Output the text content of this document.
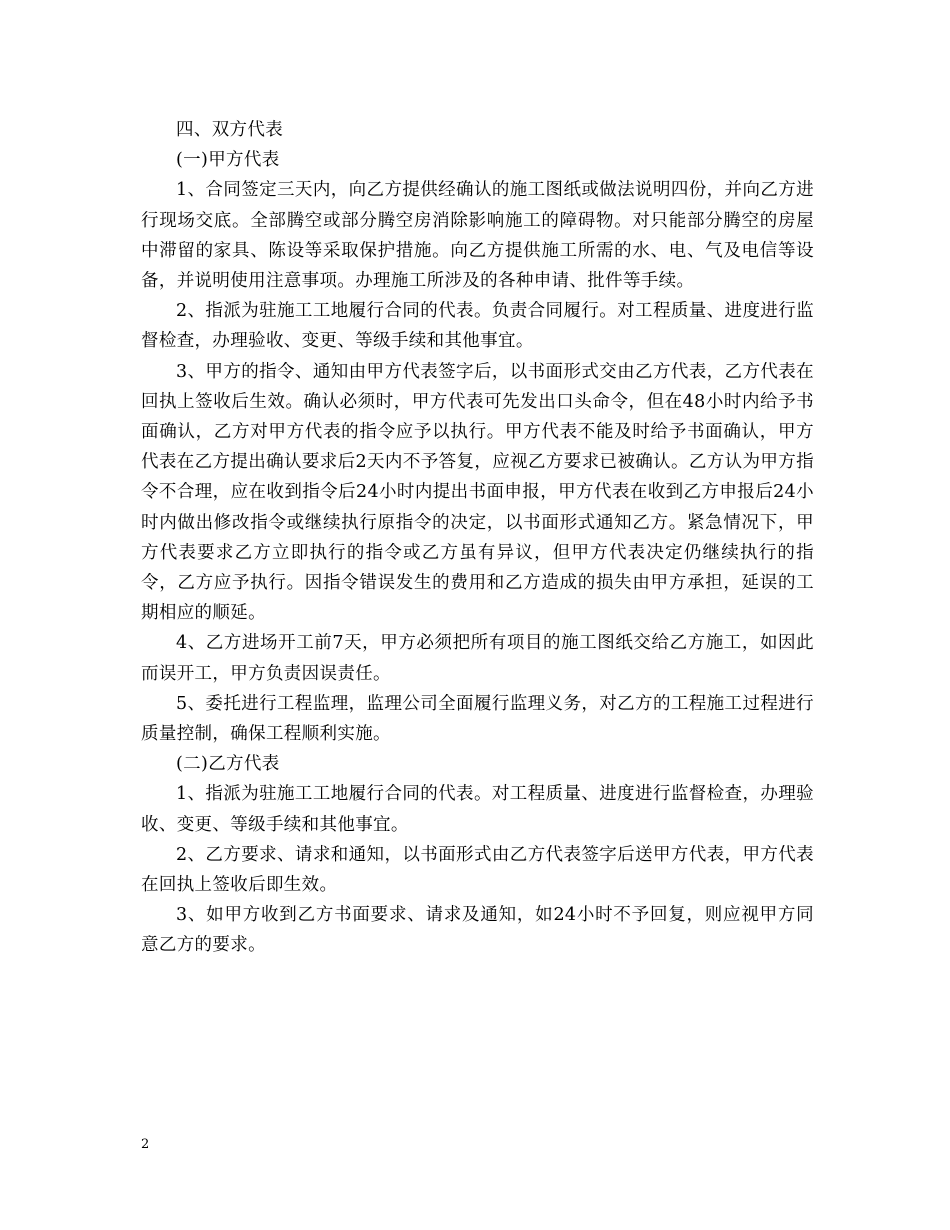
四、双方代表

(一)甲方代表

1、合同签定三天内，向乙方提供经确认的施工图纸或做法说明四份，并向乙方进行现场交底。全部腾空或部分腾空房消除影响施工的障碍物。对只能部分腾空的房屋中滞留的家具、陈设等采取保护措施。向乙方提供施工所需的水、电、气及电信等设备，并说明使用注意事项。办理施工所涉及的各种申请、批件等手续。

2、指派为驻施工工地履行合同的代表。负责合同履行。对工程质量、进度进行监督检查，办理验收、变更、等级手续和其他事宜。

3、甲方的指令、通知由甲方代表签字后，以书面形式交由乙方代表，乙方代表在回执上签收后生效。确认必须时，甲方代表可先发出口头命令，但在48小时内给予书面确认，乙方对甲方代表的指令应予以执行。甲方代表不能及时给予书面确认，甲方代表在乙方提出确认要求后2天内不予答复，应视乙方要求已被确认。乙方认为甲方指令不合理，应在收到指令后24小时内提出书面申报，甲方代表在收到乙方申报后24小时内做出修改指令或继续执行原指令的决定，以书面形式通知乙方。紧急情况下，甲方代表要求乙方立即执行的指令或乙方虽有异议，但甲方代表决定仍继续执行的指令，乙方应予执行。因指令错误发生的费用和乙方造成的损失由甲方承担，延误的工期相应的顺延。

4、乙方进场开工前7天，甲方必须把所有项目的施工图纸交给乙方施工，如因此而误开工，甲方负责因误责任。

5、委托进行工程监理，监理公司全面履行监理义务，对乙方的工程施工过程进行质量控制，确保工程顺利实施。

(二)乙方代表

1、指派为驻施工工地履行合同的代表。对工程质量、进度进行监督检查，办理验收、变更、等级手续和其他事宜。

2、乙方要求、请求和通知，以书面形式由乙方代表签字后送甲方代表，甲方代表在回执上签收后即生效。

3、如甲方收到乙方书面要求、请求及通知，如24小时不予回复，则应视甲方同意乙方的要求。

2
